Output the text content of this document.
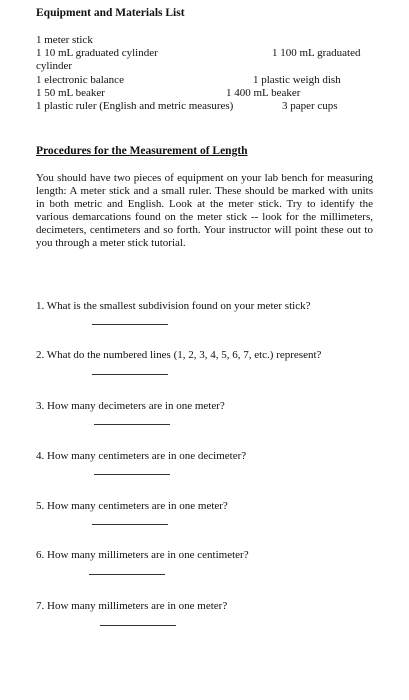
Equipment and Materials List
1 meter stick
1 10 mL graduated cylinder	1 100 mL graduated
cylinder
1 electronic balance	1 plastic weigh dish
1 50 mL beaker	1 400 mL beaker
1 plastic ruler (English and metric measures)	3 paper cups
Procedures for the Measurement of Length
You should have two pieces of equipment on your lab bench for measuring length: A meter stick and a small ruler. These should be marked with units in both metric and English. Look at the meter stick. Try to identify the various demarcations found on the meter stick -- look for the millimeters, decimeters, centimeters and so forth. Your instructor will point these out to you through a meter stick tutorial.
1. What is the smallest subdivision found on your meter stick?
2. What do the numbered lines (1, 2, 3, 4, 5, 6, 7, etc.) represent?
3. How many decimeters are in one meter?
4. How many centimeters are in one decimeter?
5. How many centimeters are in one meter?
6. How many millimeters are in one centimeter?
7. How many millimeters are in one meter?
